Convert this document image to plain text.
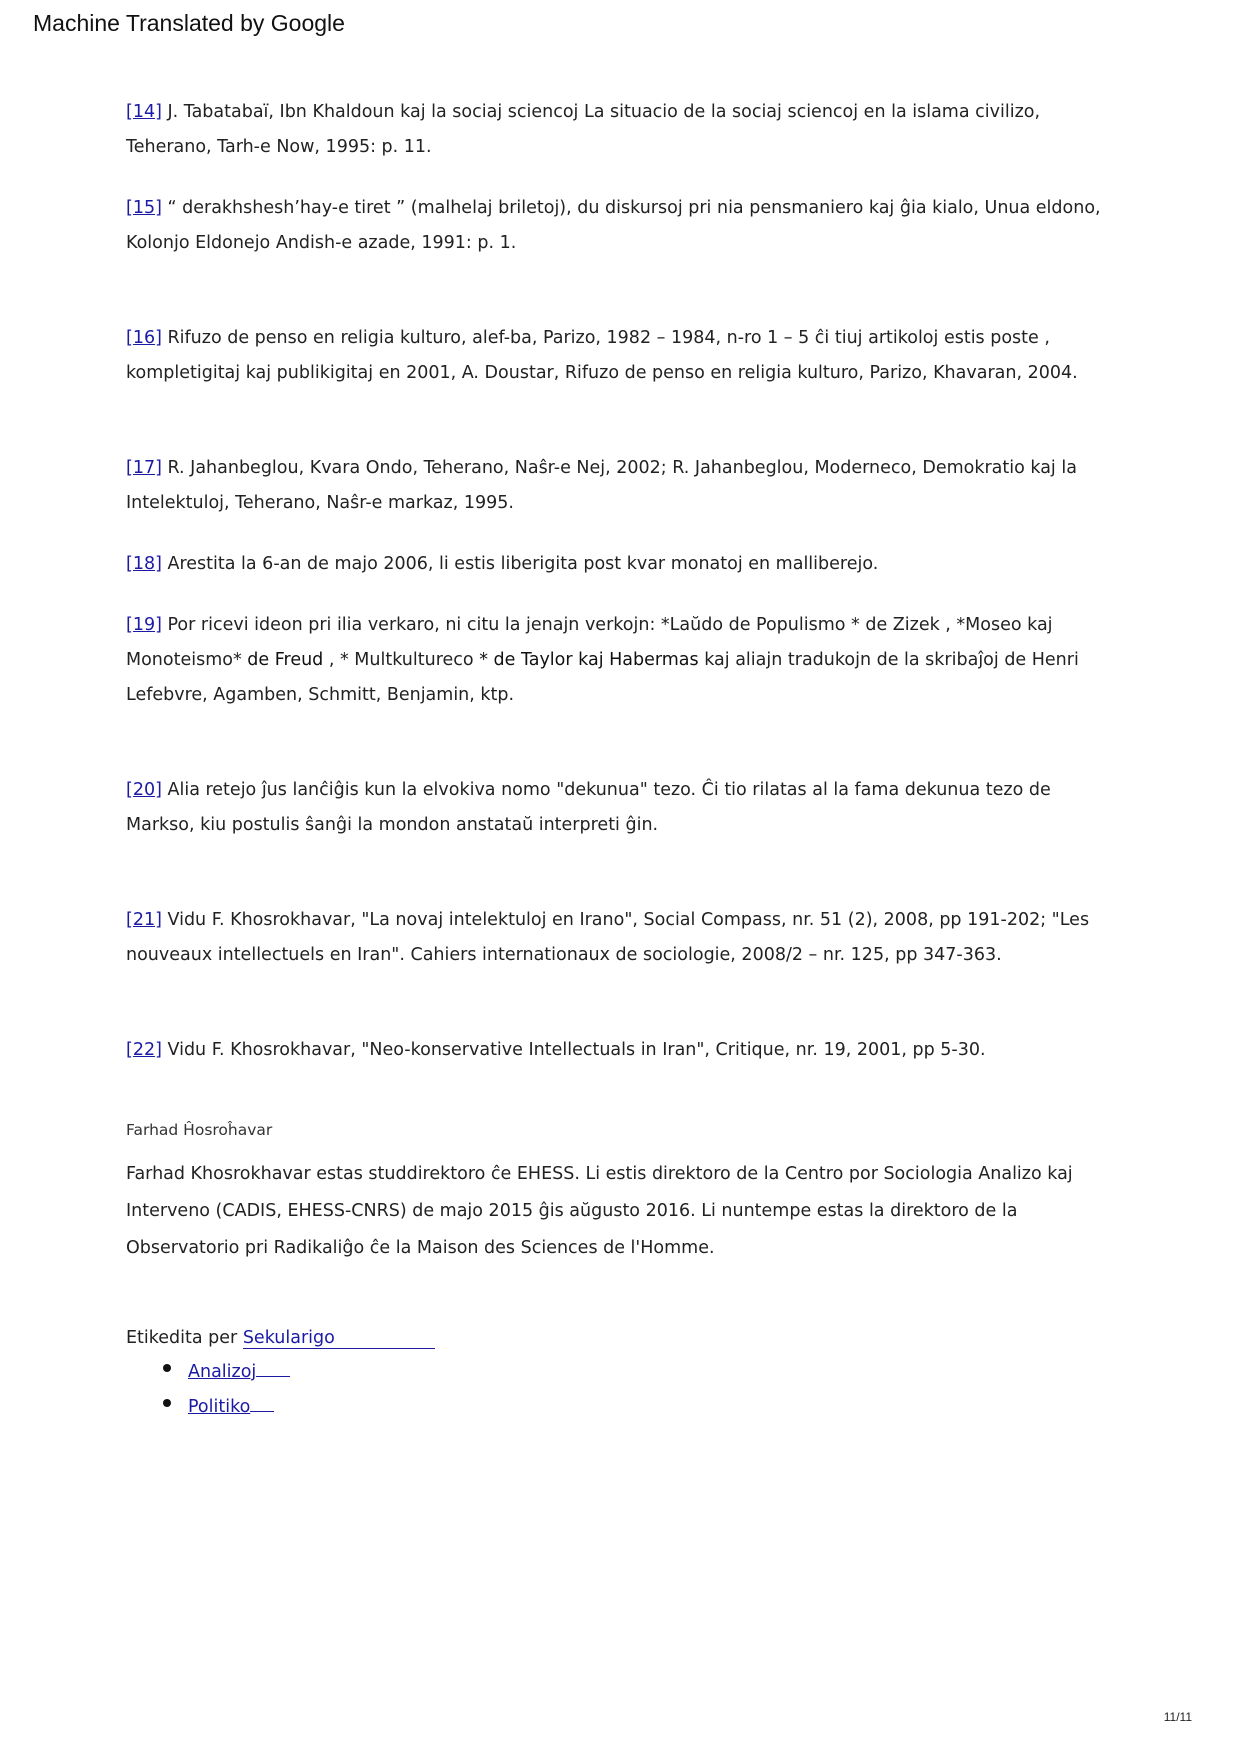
Machine Translated by Google

[14] J. Tabatabaï, Ibn Khaldoun kaj la sociaj sciencoj La situacio de la sociaj sciencoj en la islama civilizo, Teherano, Tarh-e Now, 1995: p. 11.

[15] “ derakhshesh’hay-e tiret ” (malhelaj briletoj), du diskursoj pri nia pensmaniero kaj ĝia kialo, Unua eldono, Kolonjo Eldonejo Andish-e azade, 1991: p. 1.

[16] Rifuzo de penso en religia kulturo, alef-ba, Parizo, 1982 – 1984, n-ro 1 – 5 ĉi tiuj artikoloj estis poste , kompletigitaj kaj publikigitaj en 2001, A. Doustar, Rifuzo de penso en religia kulturo, Parizo, Khavaran, 2004.

[17] R. Jahanbeglou, Kvara Ondo, Teherano, Naŝr-e Nej, 2002; R. Jahanbeglou, Moderneco, Demokratio kaj la Intelektuloj, Teherano, Naŝr-e markaz, 1995.

[18] Arestita la 6-an de majo 2006, li estis liberigita post kvar monatoj en malliberejo.

[19] Por ricevi ideon pri ilia verkaro, ni citu la jenajn verkojn: *Laŭdo de Populismo * de Zizek , *Moseo kaj Monoteismo* de Freud , * Multkultureco * de Taylor kaj Habermas kaj aliajn tradukojn de la skribaĵoj de Henri Lefebvre, Agamben, Schmitt, Benjamin, ktp.

[20] Alia retejo ĵus lanĉiĝis kun la elvokiva nomo "dekunua" tezo. Ĉi tio rilatas al la fama dekunua tezo de Markso, kiu postulis ŝanĝi la mondon anstataŭ interpreti ĝin.

[21] Vidu F. Khosrokhavar, "La novaj intelektuloj en Irano", Social Compass, nr. 51 (2), 2008, pp 191-202; "Les nouveaux intellectuels en Iran". Cahiers internationaux de sociologie, 2008/2 – nr. 125, pp 347-363.

[22] Vidu F. Khosrokhavar, "Neo-konservative Intellectuals in Iran", Critique, nr. 19, 2001, pp 5-30.

Farhad Ĥosroĥavar

Farhad Khosrokhavar estas studdirektoro ĉe EHESS. Li estis direktoro de la Centro por Sociologia Analizo kaj Interveno (CADIS, EHESS-CNRS) de majo 2015 ĝis aŭgusto 2016. Li nuntempe estas la direktoro de la Observatorio pri Radikaliĝo ĉe la Maison des Sciences de l'Homme.

Etikedita per Sekularigo

Analizoj
Politiko
11/11
